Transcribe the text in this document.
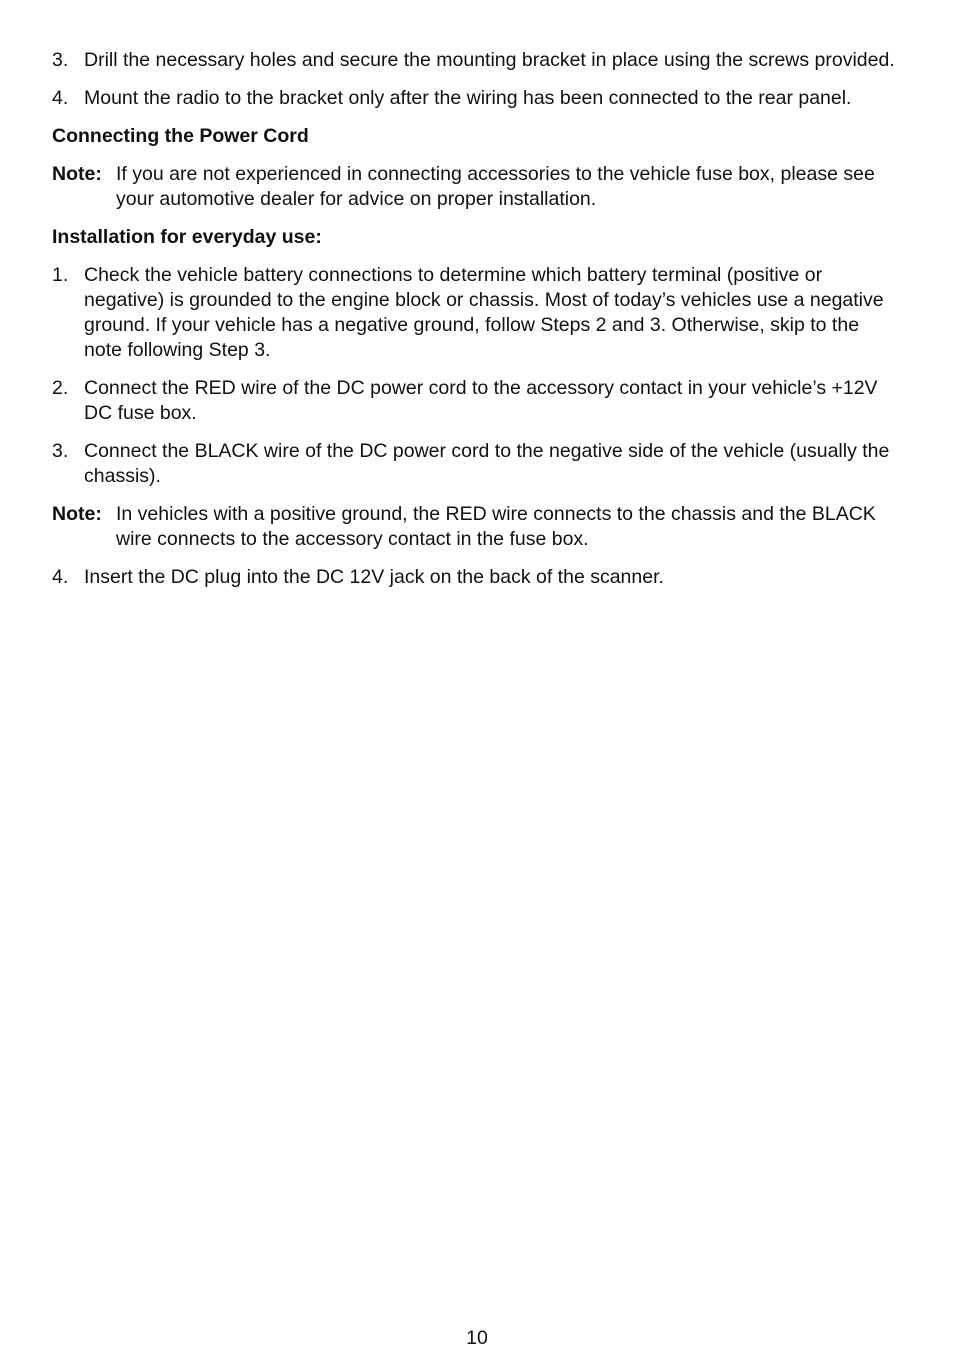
3. Drill the necessary holes and secure the mounting bracket in place using the screws provided.
4. Mount the radio to the bracket only after the wiring has been connected to the rear panel.
Connecting the Power Cord
Note: If you are not experienced in connecting accessories to the vehicle fuse box, please see your automotive dealer for advice on proper installation.
Installation for everyday use:
1. Check the vehicle battery connections to determine which battery terminal (positive or negative) is grounded to the engine block or chassis. Most of today’s vehicles use a negative ground. If your vehicle has a negative ground, follow Steps 2 and 3. Otherwise, skip to the note following Step 3.
2. Connect the RED wire of the DC power cord to the accessory contact in your vehicle’s +12V DC fuse box.
3. Connect the BLACK wire of the DC power cord to the negative side of the vehicle (usually the chassis).
Note: In vehicles with a positive ground, the RED wire connects to the chassis and the BLACK wire connects to the accessory contact in the fuse box.
4. Insert the DC plug into the DC 12V jack on the back of the scanner.
10
